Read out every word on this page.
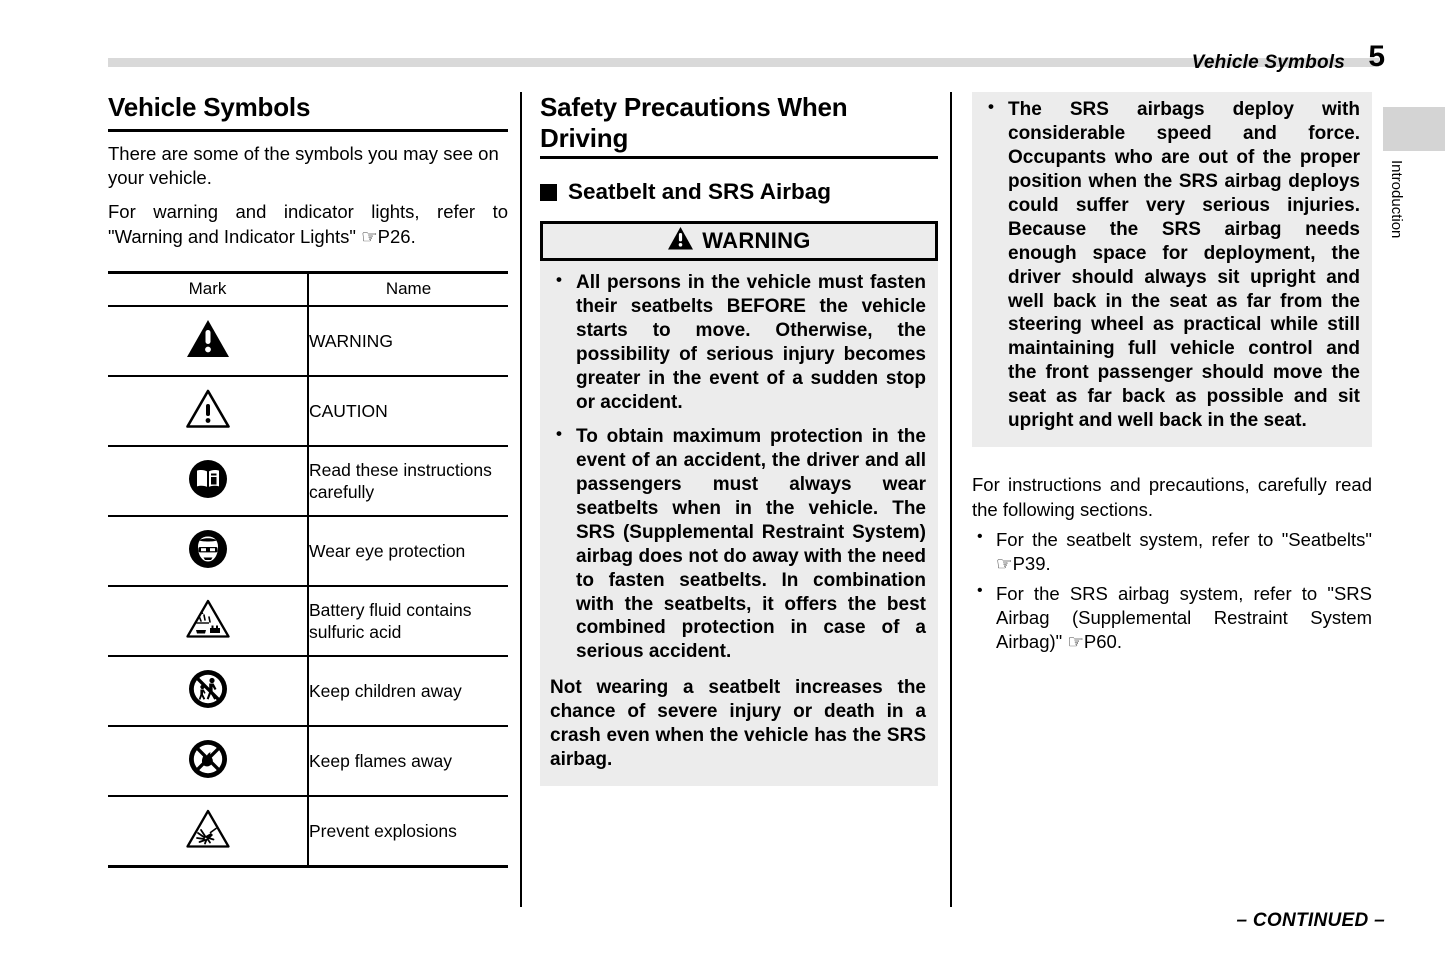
Vehicle Symbols 5
Introduction
Vehicle Symbols

There are some of the symbols you may see on your vehicle.

For warning and indicator lights, refer to "Warning and Indicator Lights" ☞P26.

Mark	Name
	WARNING
	CAUTION
	Read these instructions carefully
	Wear eye protection
	Battery fluid contains sulfuric acid
	Keep children away
	Keep flames away
	Prevent explosions
Safety Precautions When Driving
Seatbelt and SRS Airbag
WARNING
• All persons in the vehicle must fasten their seatbelts BEFORE the vehicle starts to move. Otherwise, the possibility of serious injury becomes greater in the event of a sudden stop or accident.
• To obtain maximum protection in the event of an accident, the driver and all passengers must always wear seatbelts when in the vehicle. The SRS (Supplemental Restraint System) airbag does not do away with the need to fasten seatbelts. In combination with the seatbelts, it offers the best combined protection in case of a serious accident.

Not wearing a seatbelt increases the chance of severe injury or death in a crash even when the vehicle has the SRS airbag.

• The SRS airbags deploy with considerable speed and force. Occupants who are out of the proper position when the SRS airbag deploys could suffer very serious injuries. Because the SRS airbag needs enough space for deployment, the driver should always sit upright and well back in the seat as far from the steering wheel as practical while still maintaining full vehicle control and the front passenger should move the seat as far back as possible and sit upright and well back in the seat.

For instructions and precautions, carefully read the following sections.

• For the seatbelt system, refer to "Seatbelts" ☞P39.
• For the SRS airbag system, refer to "SRS Airbag (Supplemental Restraint System Airbag)" ☞P60.
– CONTINUED –
